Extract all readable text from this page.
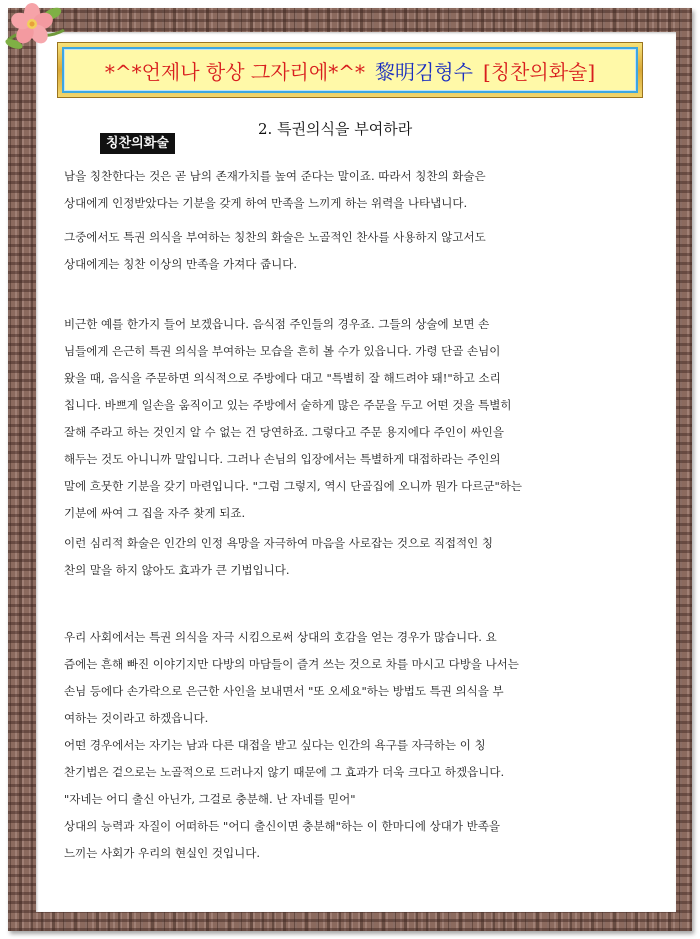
*^*언제나 항상 그자리에*^* 黎明김형수 [칭찬의화술]
2. 특권의식을 부여하라
칭찬의화술
남을 칭찬한다는 것은 곧 남의 존재가치를 높여 준다는 말이죠. 따라서 칭찬의 화술은
상대에게 인정받았다는 기분을 갖게 하여 만족을 느끼게 하는 위력을 나타냅니다.
그중에서도 특권 의식을 부여하는 칭찬의 화술은 노골적인 찬사를 사용하지 않고서도
상대에게는 칭찬 이상의 만족을 가져다 줍니다.
비근한 예를 한가지 들어 보겠읍니다. 음식점 주인들의 경우죠. 그들의 상술에 보면 손
님들에게 은근히 특권 의식을 부여하는 모습을 흔히 볼 수가 있읍니다. 가령 단골 손님이
왔을 때, 음식을 주문하면 의식적으로 주방에다 대고 "특별히 잘 해드려야 돼!"하고 소리
칩니다. 바쁘게 일손을 움직이고 있는 주방에서 숱하게 많은 주문을 두고 어떤 것을 특별히
잘해 주라고 하는 것인지 알 수 없는 건 당연하죠. 그렇다고 주문 용지에다 주인이 싸인을
해두는 것도 아니니까 말입니다. 그러나 손님의 입장에서는 특별하게 대접하라는 주인의
말에 흐뭇한 기분을 갖기 마련입니다. "그럼 그렇지, 역시 단골집에 오니까 뭔가 다르군"하는
기분에 싸여 그 집을 자주 찾게 되죠.
이런 심리적 화술은 인간의 인정 욕망을 자극하여 마음을 사로잡는 것으로 직접적인 칭
찬의 말을 하지 않아도 효과가 큰 기법입니다.
우리 사회에서는 특권 의식을 자극 시킴으로써 상대의 호감을 얻는 경우가 많습니다. 요
즘에는 흔해 빠진 이야기지만 다방의 마담들이 즐겨 쓰는 것으로 차를 마시고 다방을 나서는
손님 등에다 손가락으로 은근한 사인을 보내면서 "또 오세요"하는 방법도 특권 의식을 부
여하는 것이라고 하겠읍니다.
어떤 경우에서는 자기는 남과 다른 대접을 받고 싶다는 인간의 욕구를 자극하는 이 칭
찬기법은 겉으로는 노골적으로 드러나지 않기 때문에 그 효과가 더욱 크다고 하겠읍니다.
"자네는 어디 출신 아닌가, 그걸로 충분해. 난 자네를 믿어"
상대의 능력과 자질이 어떠하든 "어디 출신이면 충분해"하는 이 한마디에 상대가 반족을
느끼는 사회가 우리의 현실인 것입니다.
